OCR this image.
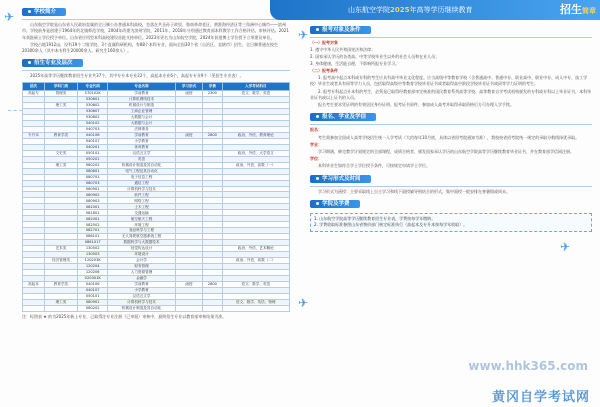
山东航空学院2025年高等学历继续教育	招生简章
✈
✈
✈
✈
学校简介

山东航空学院是山东省人民政府直属的全日制公办普通本科高校，坐落在共圣孙子故里、鲁南革命老区、黄淮海经济区等三角洲中心城市——滨州市。学校前身是创建于1964年的北镇师范学校，2004年改建为滨州学院，2011年，2018年分别通过教育部本科教学工作合格评估、审核评估。2021年获批硕士学位授予单位。山东省应用型本科高校建设首批支持单位。2023年更名为山东航空学院，2024年获批博士学位授予立项建设单位。

学校占地1912亩，设有19个二级学院、3个直属科研机构，有88个本科专业，面向全国30个省（自治区、直辖市）招生，全日制普通在校生20300余人（其中本专科生20000余人，研究生160余人）。

招生专业及层次

2025年高等学历继续教育招生专业共37个，其中专升本专业22个，高起本专业6个，高起专专业9个（见招生专业表）。

层次	学科门类	专业代码	专业名称	学习形式	学费	入学考试科目
高起专	管理类	570102K	学前教育	函授	2300	语文、数学、英语
		530601	计算机网络技术			
	理工类	530602	机械设计与制造			
		530607	工商企业管理			
		530802	大数据与会计			
		540102	大数据与会计			
		540703	法律事务			
专升本	教育学类	040106	学前教育	函授	2800	政治、外语、教育理论
		040107	小学教育			
		040201	体育教育			
	文史类	050101	汉语言文学			政治、外语、大学语文
		050201	英语			
	理工类	080202	机械设计制造及其自动化			政治、外语、高数（一）
		080601	电气工程及其自动化			
		080701	电子信息工程			
		080703	通信工程			
		080901	计算机科学与技术			
		080902	软件工程			
		080903	网络工程			
		081001	土木工程			
		081801	交通运输			
		082001	航空航天工程			
		082502	环境工程			
		082701	食品科学与工程			
		086101	无人驾驶航空器系统工程			
		086101T	数据科学与大数据技术			
	艺术类	130502	视觉传达设计			政治、外语、艺术概论
		130503	环境设计			
	经济管理类	120203K	会计学			政治、外语、高数（二）
		120204	财务管理			
		120206	人力资源管理			
		020301K	金融学			
高起本	教育学类	040106	学前教育	函授	2800	语文、数学、英语
		040107	小学教育			
		050101	汉语言文学			
	理工类	080901	计算机科学与技术			语文、数学、英语、物理
		080202	机械设计制造及其自动化			
注：标图表 ★ 的为2025年新上专业，已取得注专业注册（已审批）审核中，最终招生专业以教育部审核结果为准。
报考对象及条件
（一）报考对象
1. 遵守中华人民共和国宪法和法律；
2. 国家承认学历的各类高、中等学校毕业生以外的社会人员和在业人员；
3. 身体健康，生活能自理，不影响所报专业学习。
（二）报考条件

1. 报考高中起点本科或专科的考生应具有高中毕业文化程度。应当高级中等教育学校（含普通高中、普通中专、职业高中、职业中专、成人中专、技工学校）毕业生或者具有同等学力人员，包括取得高级中等教育学校毕业证书或者取得高中阶段学校毕业证书或同等学力证明的考生。

2. 报考专科起点升本科的考生，必须是已取得经教育部审定核准的国民教育系列高等学校、高等教育自学考试机构颁发的专科或专科以上毕业证书，本科毕业证书或以上证书的人员。

报名考生要求凭证明的有效居民身份证明、报考证书原件、参加成人高考并取得录取资格后方可办理入学手续。

报名、学业及学信
报名：

考生需参加全国成人高等学校招生统一入学考试（大约每年10月底，具体以省招考院通知为准），我校按省招考院统一规定的录取分数线择优录取。

学业：

学习期满，修完教学计划规定的全部课程，成绩合格者，颁发国家承认学历的山东航空学院高等学历继续教育毕业证书，并在教育部学信网注册。

学位：

本科毕业生如符合学士学位授予条件，可按规定申请学士学位。

学习形式及时间

学习形式为函授：主要采取线上自主学习和线下面授辅导相结合的形式，集中面授一般安排在寒暑假或周末。

学院及学费
1. 山东航空学院高等学历继续教育招生专业表，学费按每学年缴纳；
2. 学费收取标准参照山东省物价部门核定标准执行（高起本及专升本按每学年收取）。
www.hhk365.com
黄冈自学考试网
